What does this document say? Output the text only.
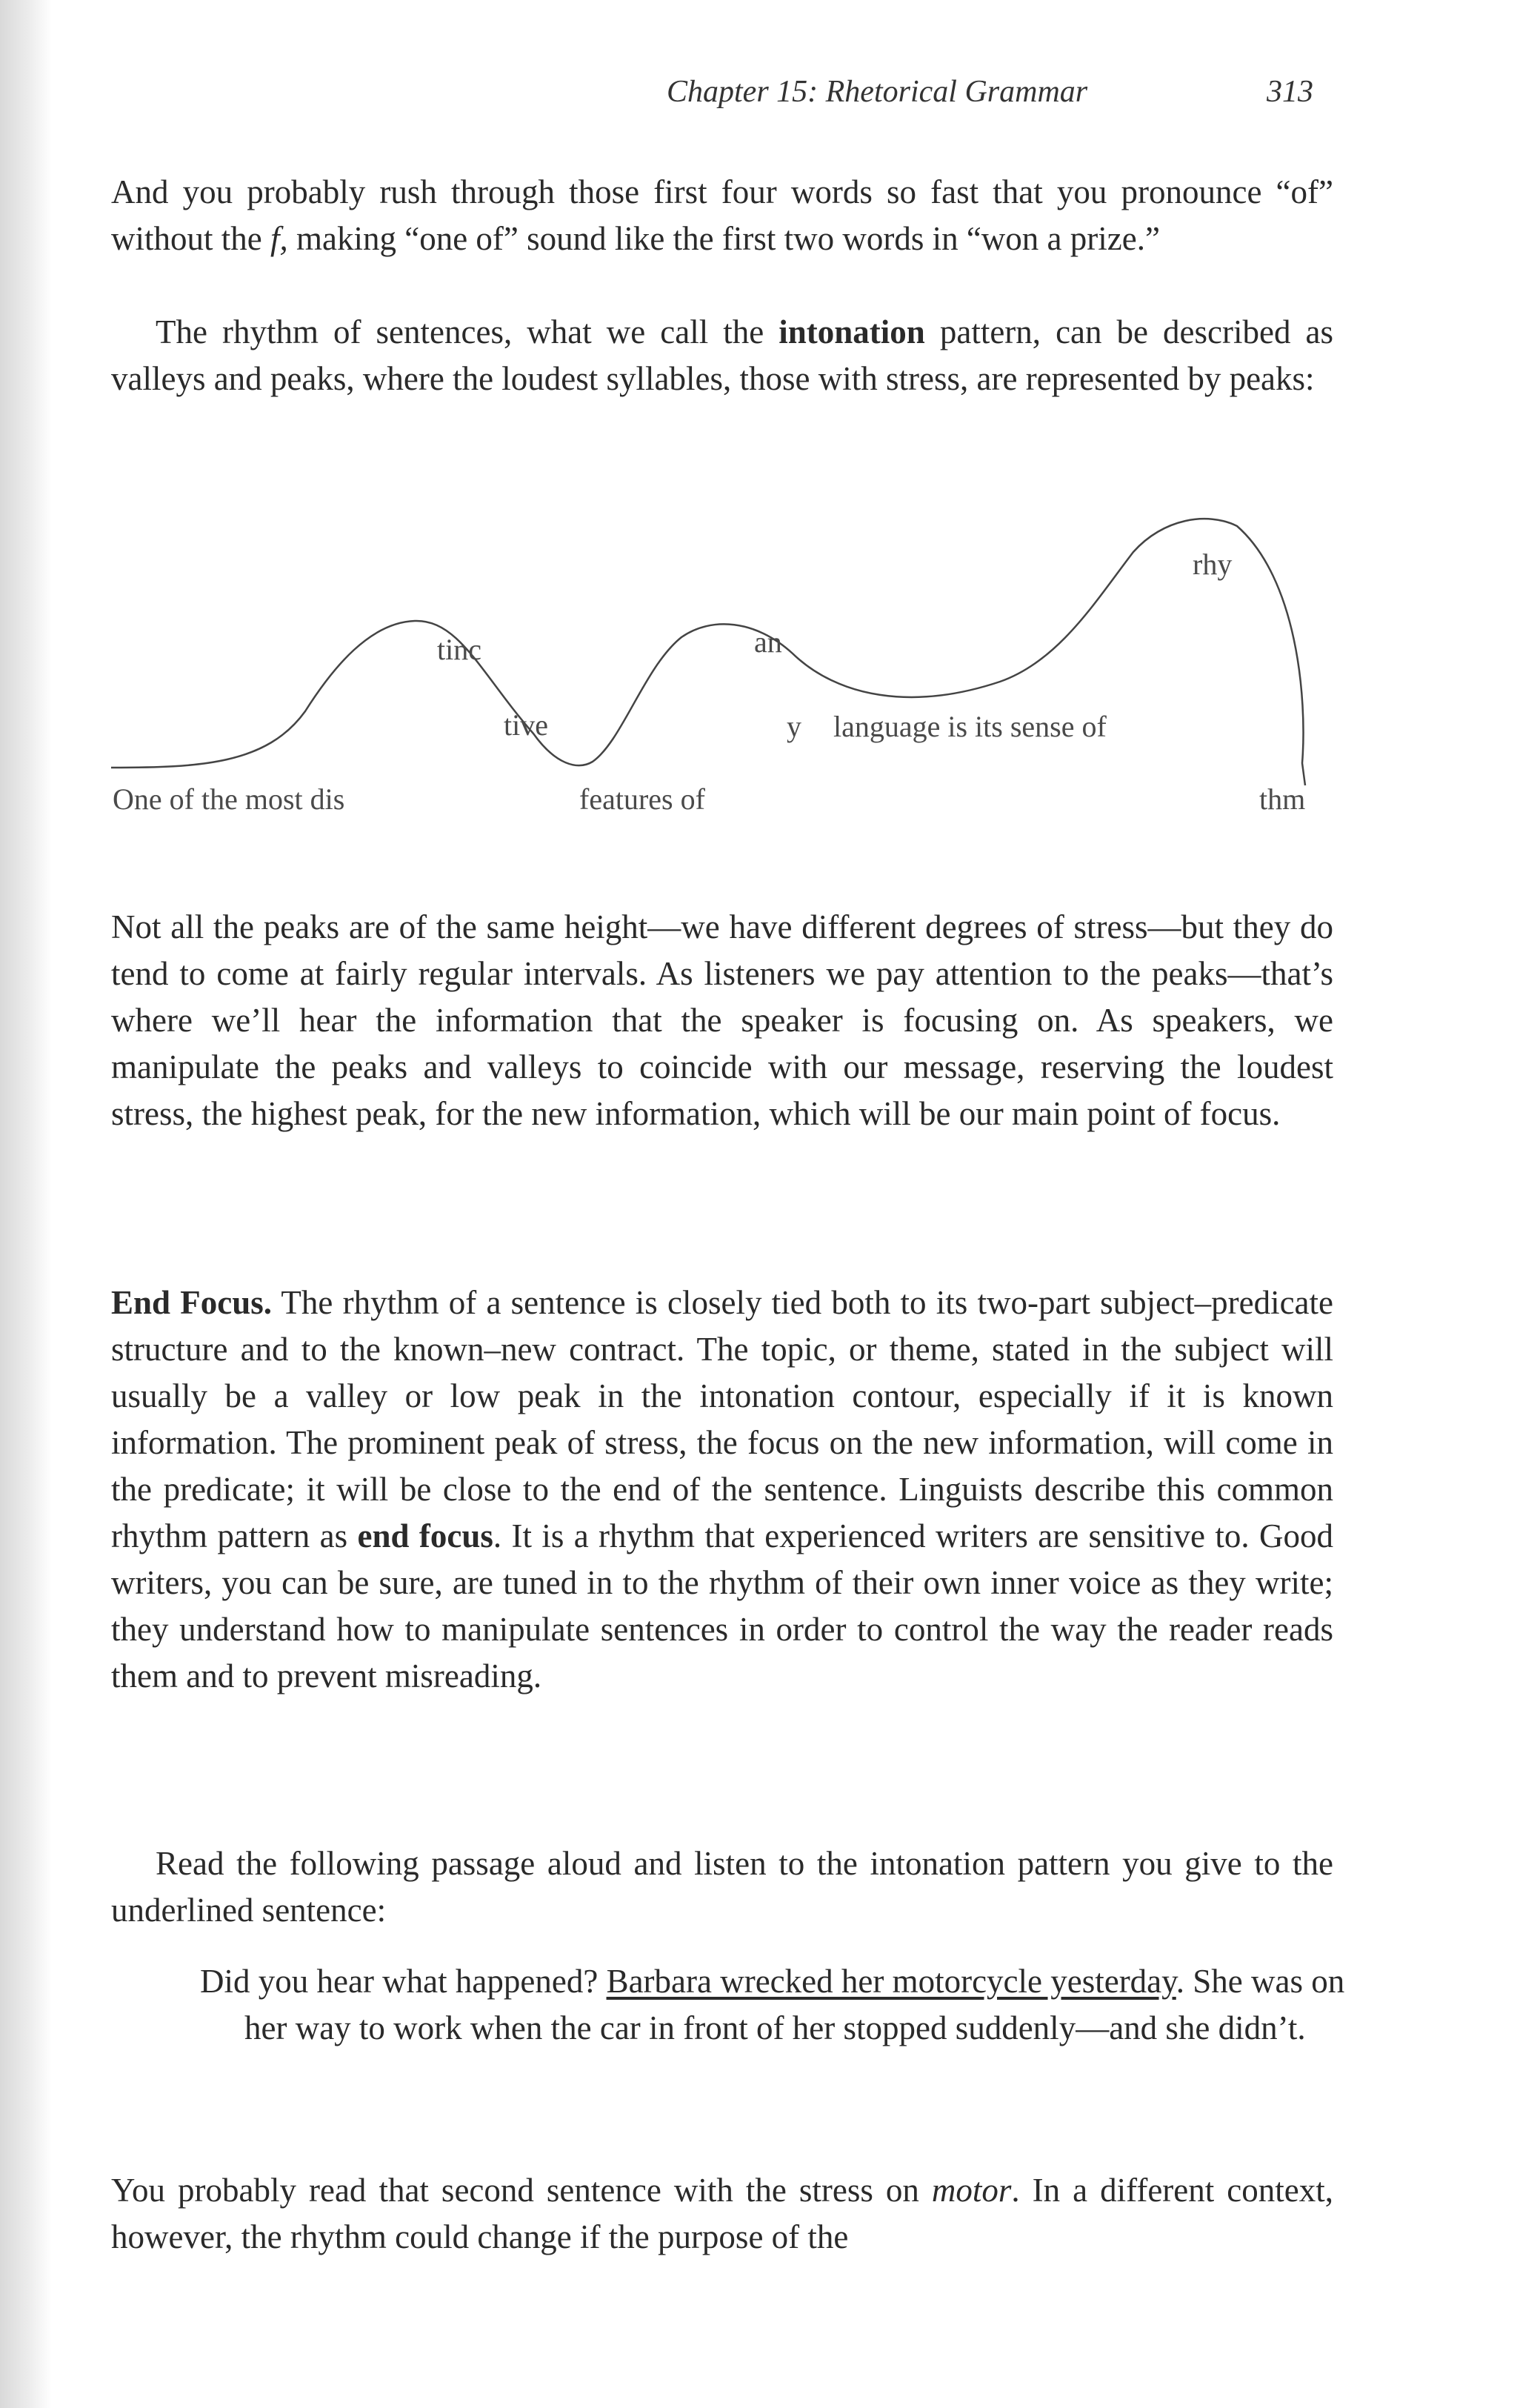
Chapter 15: Rhetorical Grammar	313

And you probably rush through those first four words so fast that you pronounce “of” without the f, making “one of” sound like the first two words in “won a prize.”

The rhythm of sentences, what we call the intonation pattern, can be described as valleys and peaks, where the loudest syllables, those with stress, are represented by peaks:

One of the most dis
tinc
tive
features of
an
y language is its sense of
rhy
thm

Not all the peaks are of the same height—we have different degrees of stress—but they do tend to come at fairly regular intervals. As listeners we pay attention to the peaks—that’s where we’ll hear the information that the speaker is focusing on. As speakers, we manipulate the peaks and valleys to coincide with our message, reserving the loudest stress, the highest peak, for the new information, which will be our main point of focus.

End Focus. The rhythm of a sentence is closely tied both to its two-part subject–predicate structure and to the known–new contract. The topic, or theme, stated in the subject will usually be a valley or low peak in the intonation contour, especially if it is known information. The prominent peak of stress, the focus on the new information, will come in the predicate; it will be close to the end of the sentence. Linguists describe this common rhythm pattern as end focus. It is a rhythm that experienced writers are sensitive to. Good writers, you can be sure, are tuned in to the rhythm of their own inner voice as they write; they understand how to manipulate sentences in order to control the way the reader reads them and to prevent misreading.

Read the following passage aloud and listen to the intonation pattern you give to the underlined sentence:

Did you hear what happened? Barbara wrecked her motorcycle yesterday. She was on her way to work when the car in front of her stopped suddenly—and she didn’t.

You probably read that second sentence with the stress on motor. In a different context, however, the rhythm could change if the purpose of the
